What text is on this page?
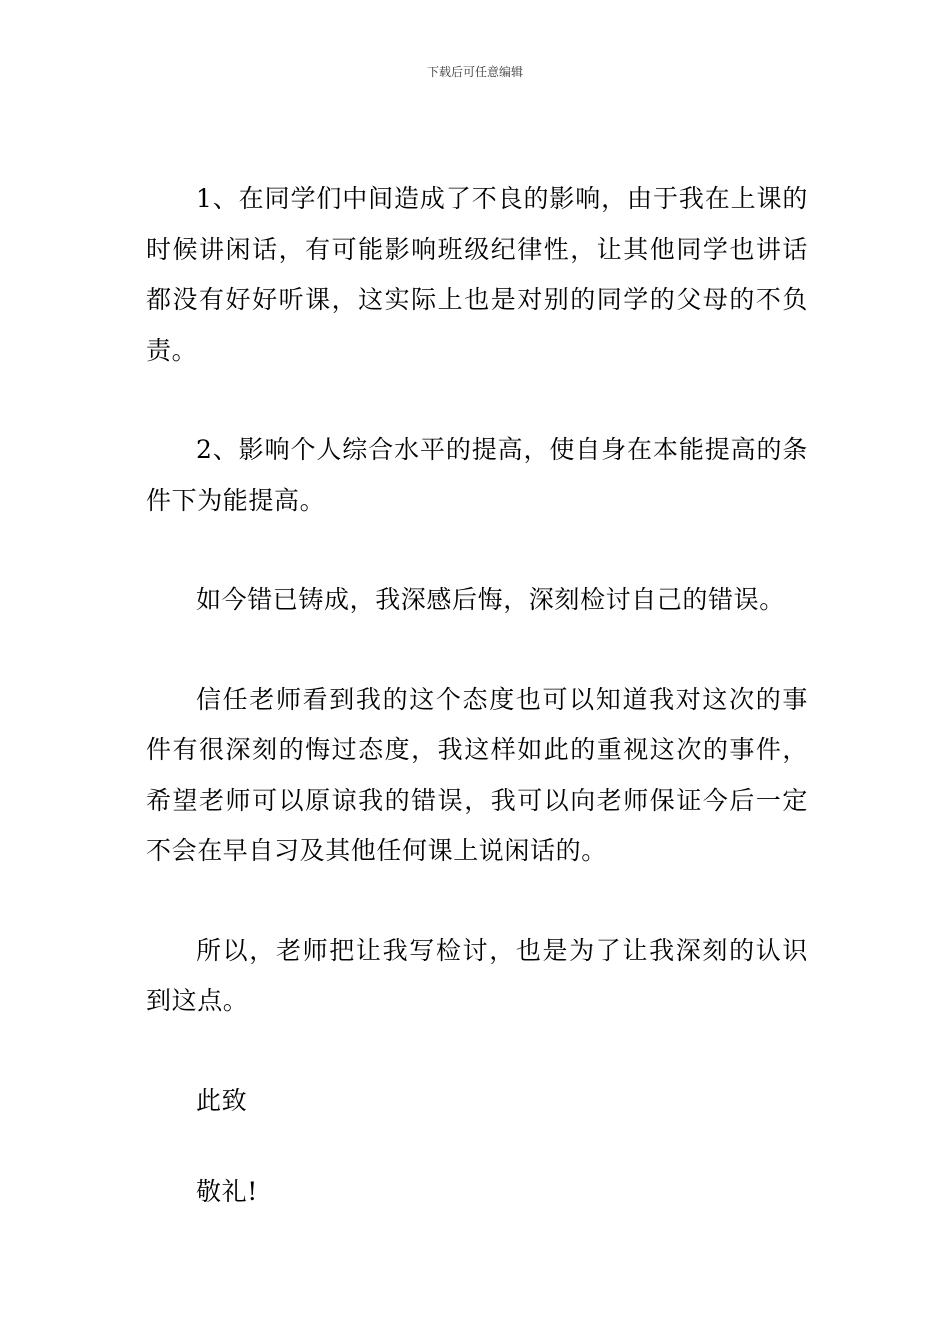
下载后可任意编辑

1、在同学们中间造成了不良的影响，由于我在上课的时候讲闲话，有可能影响班级纪律性，让其他同学也讲话都没有好好听课，这实际上也是对别的同学的父母的不负责。

2、影响个人综合水平的提高，使自身在本能提高的条件下为能提高。

如今错已铸成，我深感后悔，深刻检讨自己的错误。

信任老师看到我的这个态度也可以知道我对这次的事件有很深刻的悔过态度，我这样如此的重视这次的事件，希望老师可以原谅我的错误，我可以向老师保证今后一定不会在早自习及其他任何课上说闲话的。

所以，老师把让我写检讨，也是为了让我深刻的认识到这点。

此致

敬礼!
